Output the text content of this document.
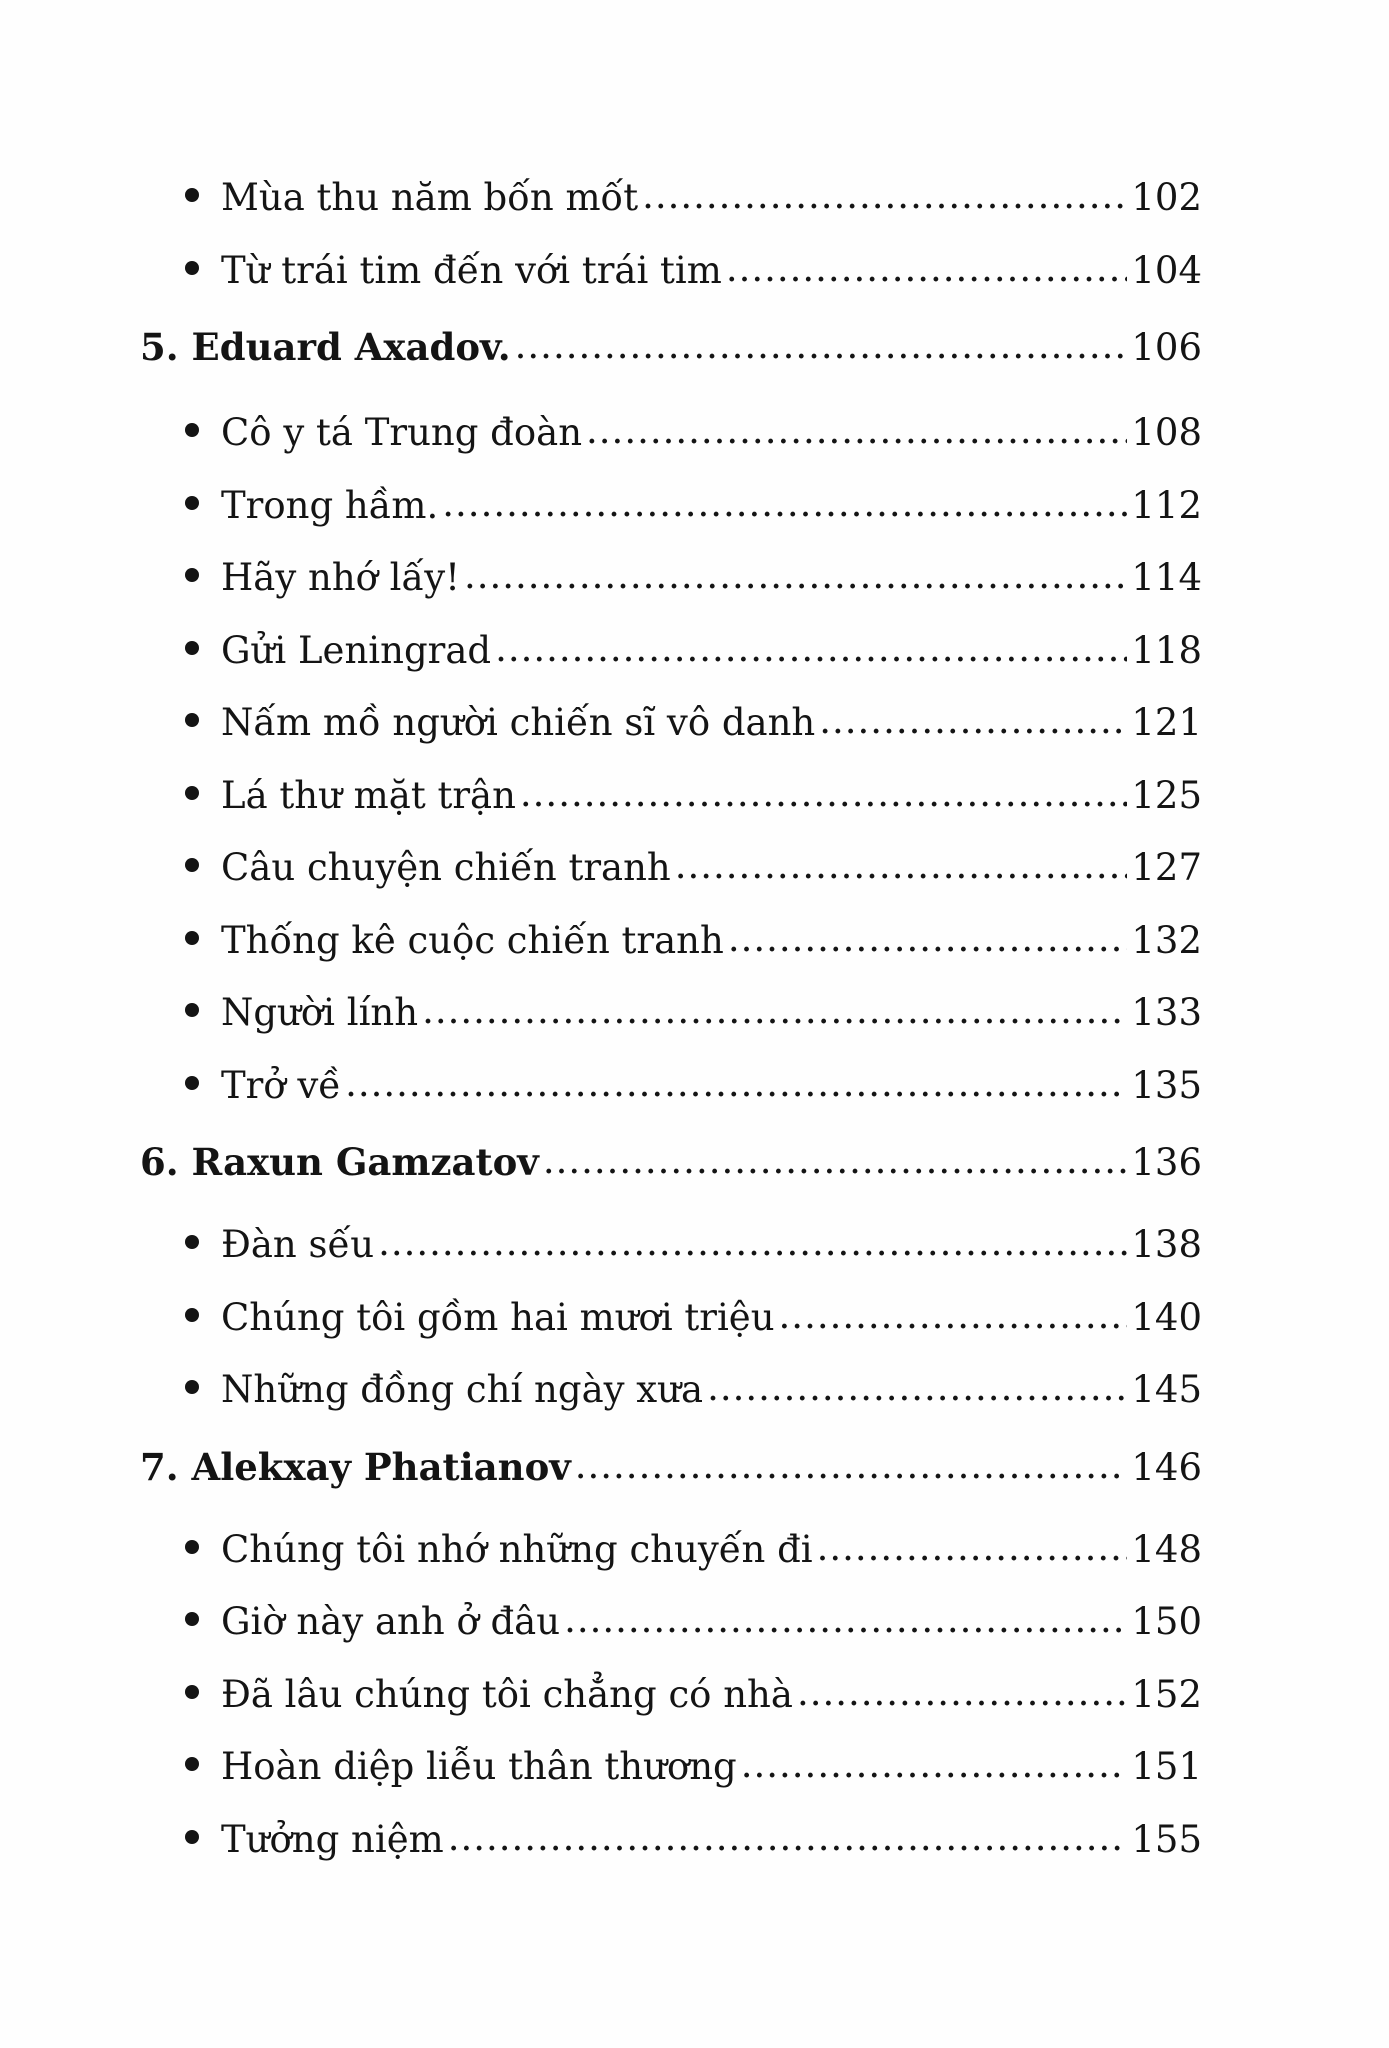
Mùa thu năm bốn mốt .....	102
Từ trái tim đến với trái tim .....	104
5. Eduard Axadov. .....	106
Cô y tá Trung đoàn .....	108
Trong hầm. .....	112
Hãy nhớ lấy! .....	114
Gửi Leningrad .....	118
Nấm mồ người chiến sĩ vô danh .....	121
Lá thư mặt trận .....	125
Câu chuyện chiến tranh .....	127
Thống kê cuộc chiến tranh .....	132
Người lính .....	133
Trở về .....	135
6. Raxun Gamzatov .....	136
Đàn sếu .....	138
Chúng tôi gồm hai mươi triệu .....	140
Những đồng chí ngày xưa .....	145
7. Alekxay Phatianov .....	146
Chúng tôi nhớ những chuyến đi .....	148
Giờ này anh ở đâu .....	150
Đã lâu chúng tôi chẳng có nhà .....	152
Hoàn diệp liễu thân thương .....	151
Tưởng niệm .....	155
